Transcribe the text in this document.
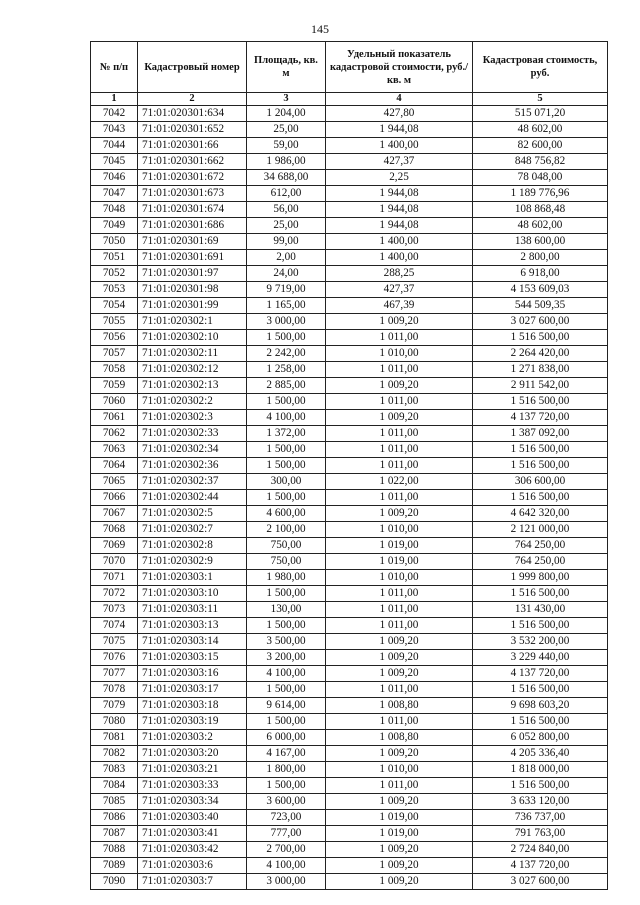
145
№ п/п	Кадастровый номер	Площадь, кв. м	Удельный показатель кадастровой стоимости, руб./кв. м	Кадастровая стоимость, руб.
1	2	3	4	5
7042	71:01:020301:634	1 204,00	427,80	515 071,20
7043	71:01:020301:652	25,00	1 944,08	48 602,00
7044	71:01:020301:66	59,00	1 400,00	82 600,00
7045	71:01:020301:662	1 986,00	427,37	848 756,82
7046	71:01:020301:672	34 688,00	2,25	78 048,00
7047	71:01:020301:673	612,00	1 944,08	1 189 776,96
7048	71:01:020301:674	56,00	1 944,08	108 868,48
7049	71:01:020301:686	25,00	1 944,08	48 602,00
7050	71:01:020301:69	99,00	1 400,00	138 600,00
7051	71:01:020301:691	2,00	1 400,00	2 800,00
7052	71:01:020301:97	24,00	288,25	6 918,00
7053	71:01:020301:98	9 719,00	427,37	4 153 609,03
7054	71:01:020301:99	1 165,00	467,39	544 509,35
7055	71:01:020302:1	3 000,00	1 009,20	3 027 600,00
7056	71:01:020302:10	1 500,00	1 011,00	1 516 500,00
7057	71:01:020302:11	2 242,00	1 010,00	2 264 420,00
7058	71:01:020302:12	1 258,00	1 011,00	1 271 838,00
7059	71:01:020302:13	2 885,00	1 009,20	2 911 542,00
7060	71:01:020302:2	1 500,00	1 011,00	1 516 500,00
7061	71:01:020302:3	4 100,00	1 009,20	4 137 720,00
7062	71:01:020302:33	1 372,00	1 011,00	1 387 092,00
7063	71:01:020302:34	1 500,00	1 011,00	1 516 500,00
7064	71:01:020302:36	1 500,00	1 011,00	1 516 500,00
7065	71:01:020302:37	300,00	1 022,00	306 600,00
7066	71:01:020302:44	1 500,00	1 011,00	1 516 500,00
7067	71:01:020302:5	4 600,00	1 009,20	4 642 320,00
7068	71:01:020302:7	2 100,00	1 010,00	2 121 000,00
7069	71:01:020302:8	750,00	1 019,00	764 250,00
7070	71:01:020302:9	750,00	1 019,00	764 250,00
7071	71:01:020303:1	1 980,00	1 010,00	1 999 800,00
7072	71:01:020303:10	1 500,00	1 011,00	1 516 500,00
7073	71:01:020303:11	130,00	1 011,00	131 430,00
7074	71:01:020303:13	1 500,00	1 011,00	1 516 500,00
7075	71:01:020303:14	3 500,00	1 009,20	3 532 200,00
7076	71:01:020303:15	3 200,00	1 009,20	3 229 440,00
7077	71:01:020303:16	4 100,00	1 009,20	4 137 720,00
7078	71:01:020303:17	1 500,00	1 011,00	1 516 500,00
7079	71:01:020303:18	9 614,00	1 008,80	9 698 603,20
7080	71:01:020303:19	1 500,00	1 011,00	1 516 500,00
7081	71:01:020303:2	6 000,00	1 008,80	6 052 800,00
7082	71:01:020303:20	4 167,00	1 009,20	4 205 336,40
7083	71:01:020303:21	1 800,00	1 010,00	1 818 000,00
7084	71:01:020303:33	1 500,00	1 011,00	1 516 500,00
7085	71:01:020303:34	3 600,00	1 009,20	3 633 120,00
7086	71:01:020303:40	723,00	1 019,00	736 737,00
7087	71:01:020303:41	777,00	1 019,00	791 763,00
7088	71:01:020303:42	2 700,00	1 009,20	2 724 840,00
7089	71:01:020303:6	4 100,00	1 009,20	4 137 720,00
7090	71:01:020303:7	3 000,00	1 009,20	3 027 600,00
